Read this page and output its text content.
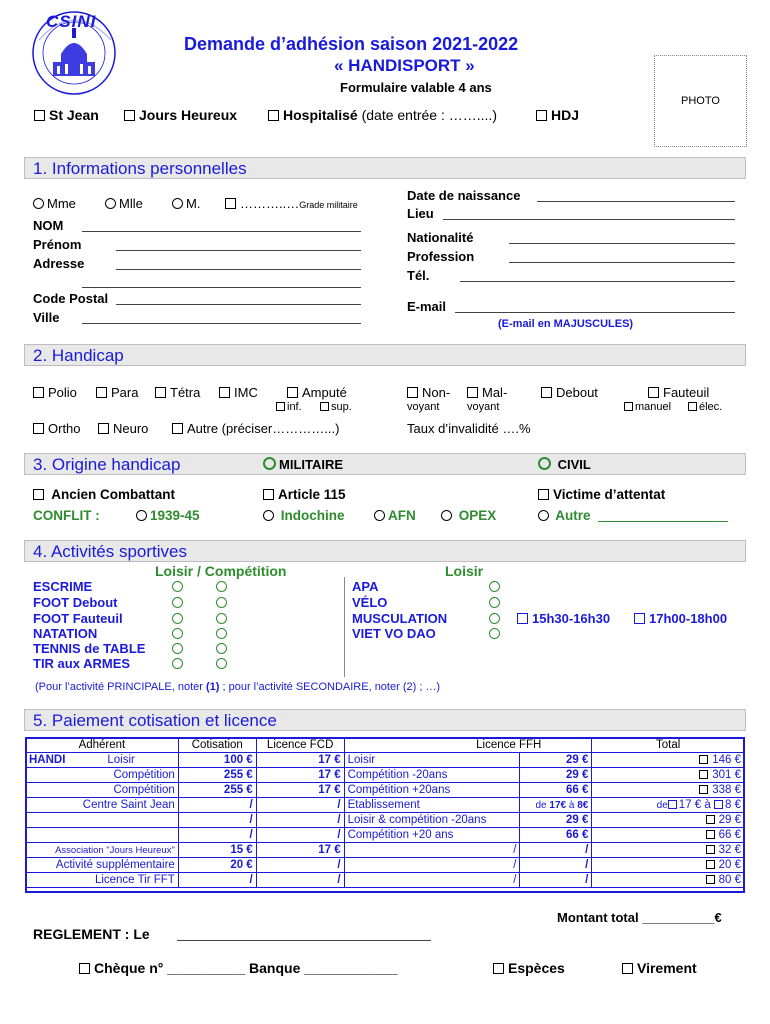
CSINI
Demande d’adhésion saison 2021-2022
« HANDISPORT »
Formulaire valable 4 ans
PHOTO
St Jean	Jours Heureux	Hospitalisé (date entrée : ……....)	HDJ
1. Informations personnelles
Mme	Mlle	M.	………..…Grade militaire
NOM
Prénom
Adresse
Code Postal
Ville
Date de naissance
Lieu
Nationalité
Profession
Tél.
E-mail
(E-mail en MAJUSCULES)
2. Handicap
Polio	Para	Tétra	IMC	Amputé
inf.	sup.
Non-
voyant
Mal-
voyant
Debout	Fauteuil
manuel	élec.
Ortho	Neuro	Autre (préciser…………...)	Taux d’invalidité ….%
3. Origine handicap	MILITAIRE	CIVIL
Ancien Combattant	Article 115	Victime d’attentat
CONFLIT :	1939-45	Indochine	AFN	OPEX	Autre
4. Activités sportives
Loisir / Compétition	Loisir
ESCRIME
FOOT Debout
FOOT Fauteuil
NATATION
TENNIS de TABLE
TIR aux ARMES
APA
VÉLO
MUSCULATION
VIET VO DAO
15h30-16h30	17h00-18h00
(Pour l’activité PRINCIPALE, noter (1) ; pour l’activité SECONDAIRE, noter (2) ; …)
5. Paiement cotisation et licence
Adhérent	Cotisation	Licence FCD	Licence FFH		Total
HANDI Loisir	100 €	17 €	Loisir	29 €	146 €
Compétition	255 €	17 €	Compétition -20ans	29 €	301 €
Compétition	255 €	17 €	Compétition +20ans	66 €	338 €
Centre Saint Jean	/	/	Etablissement	de 17€ à 8€	de 17 € à 8 €
	/	/	Loisir & compétition -20ans	29 €	29 €
	/	/	Compétition +20 ans	66 €	66 €
Association "Jours Heureux"	15 €	17 €	/	/	32 €
Activité supplémentaire	20 €	/	/	/	20 €
Licence Tir FFT	/	/	/	/	80 €
Montant total __________€
REGLEMENT : Le
Chèque n° __________ Banque ____________	Espèces	Virement
